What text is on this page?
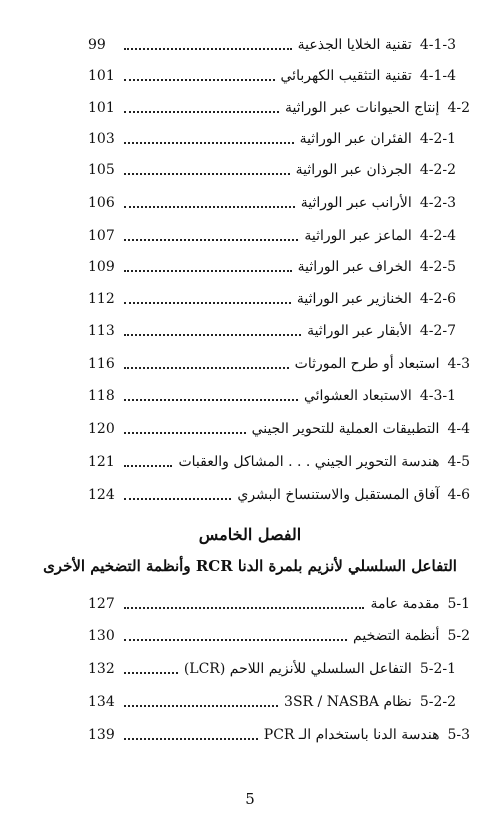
4-1-3
تقنية الخلايا الجذعية
99
4-1-4
تقنية التثقيب الكهربائي
101
4-2
إنتاج الحيوانات عبر الوراثية
101
4-2-1
الفئران عبر الوراثية
103
4-2-2
الجرذان عبر الوراثية
105
4-2-3
الأرانب عبر الوراثية
106
4-2-4
الماعز عبر الوراثية
107
4-2-5
الخراف عبر الوراثية
109
4-2-6
الخنازير عبر الوراثية
112
4-2-7
الأبقار عبر الوراثية
113
4-3
استبعاد أو طرح المورثات
116
4-3-1
الاستبعاد العشوائي
118
4-4
التطبيقات العملية للتحوير الجيني
120
4-5
هندسة التحوير الجيني . . . المشاكل والعقبات
121
4-6
آفاق المستقبل والاستنساخ البشري
124
الفصل الخامس
التفاعل السلسلي لأنزيم بلمرة الدنا RCR وأنظمة التضخيم الأخرى
5-1
مقدمة عامة
127
5-2
أنظمة التضخيم
130
5-2-1
التفاعل السلسلي للأنزيم اللاحم (LCR)
132
5-2-2
نظام 3SR / NASBA
134
5-3
هندسة الدنا باستخدام الـ PCR
139
5
